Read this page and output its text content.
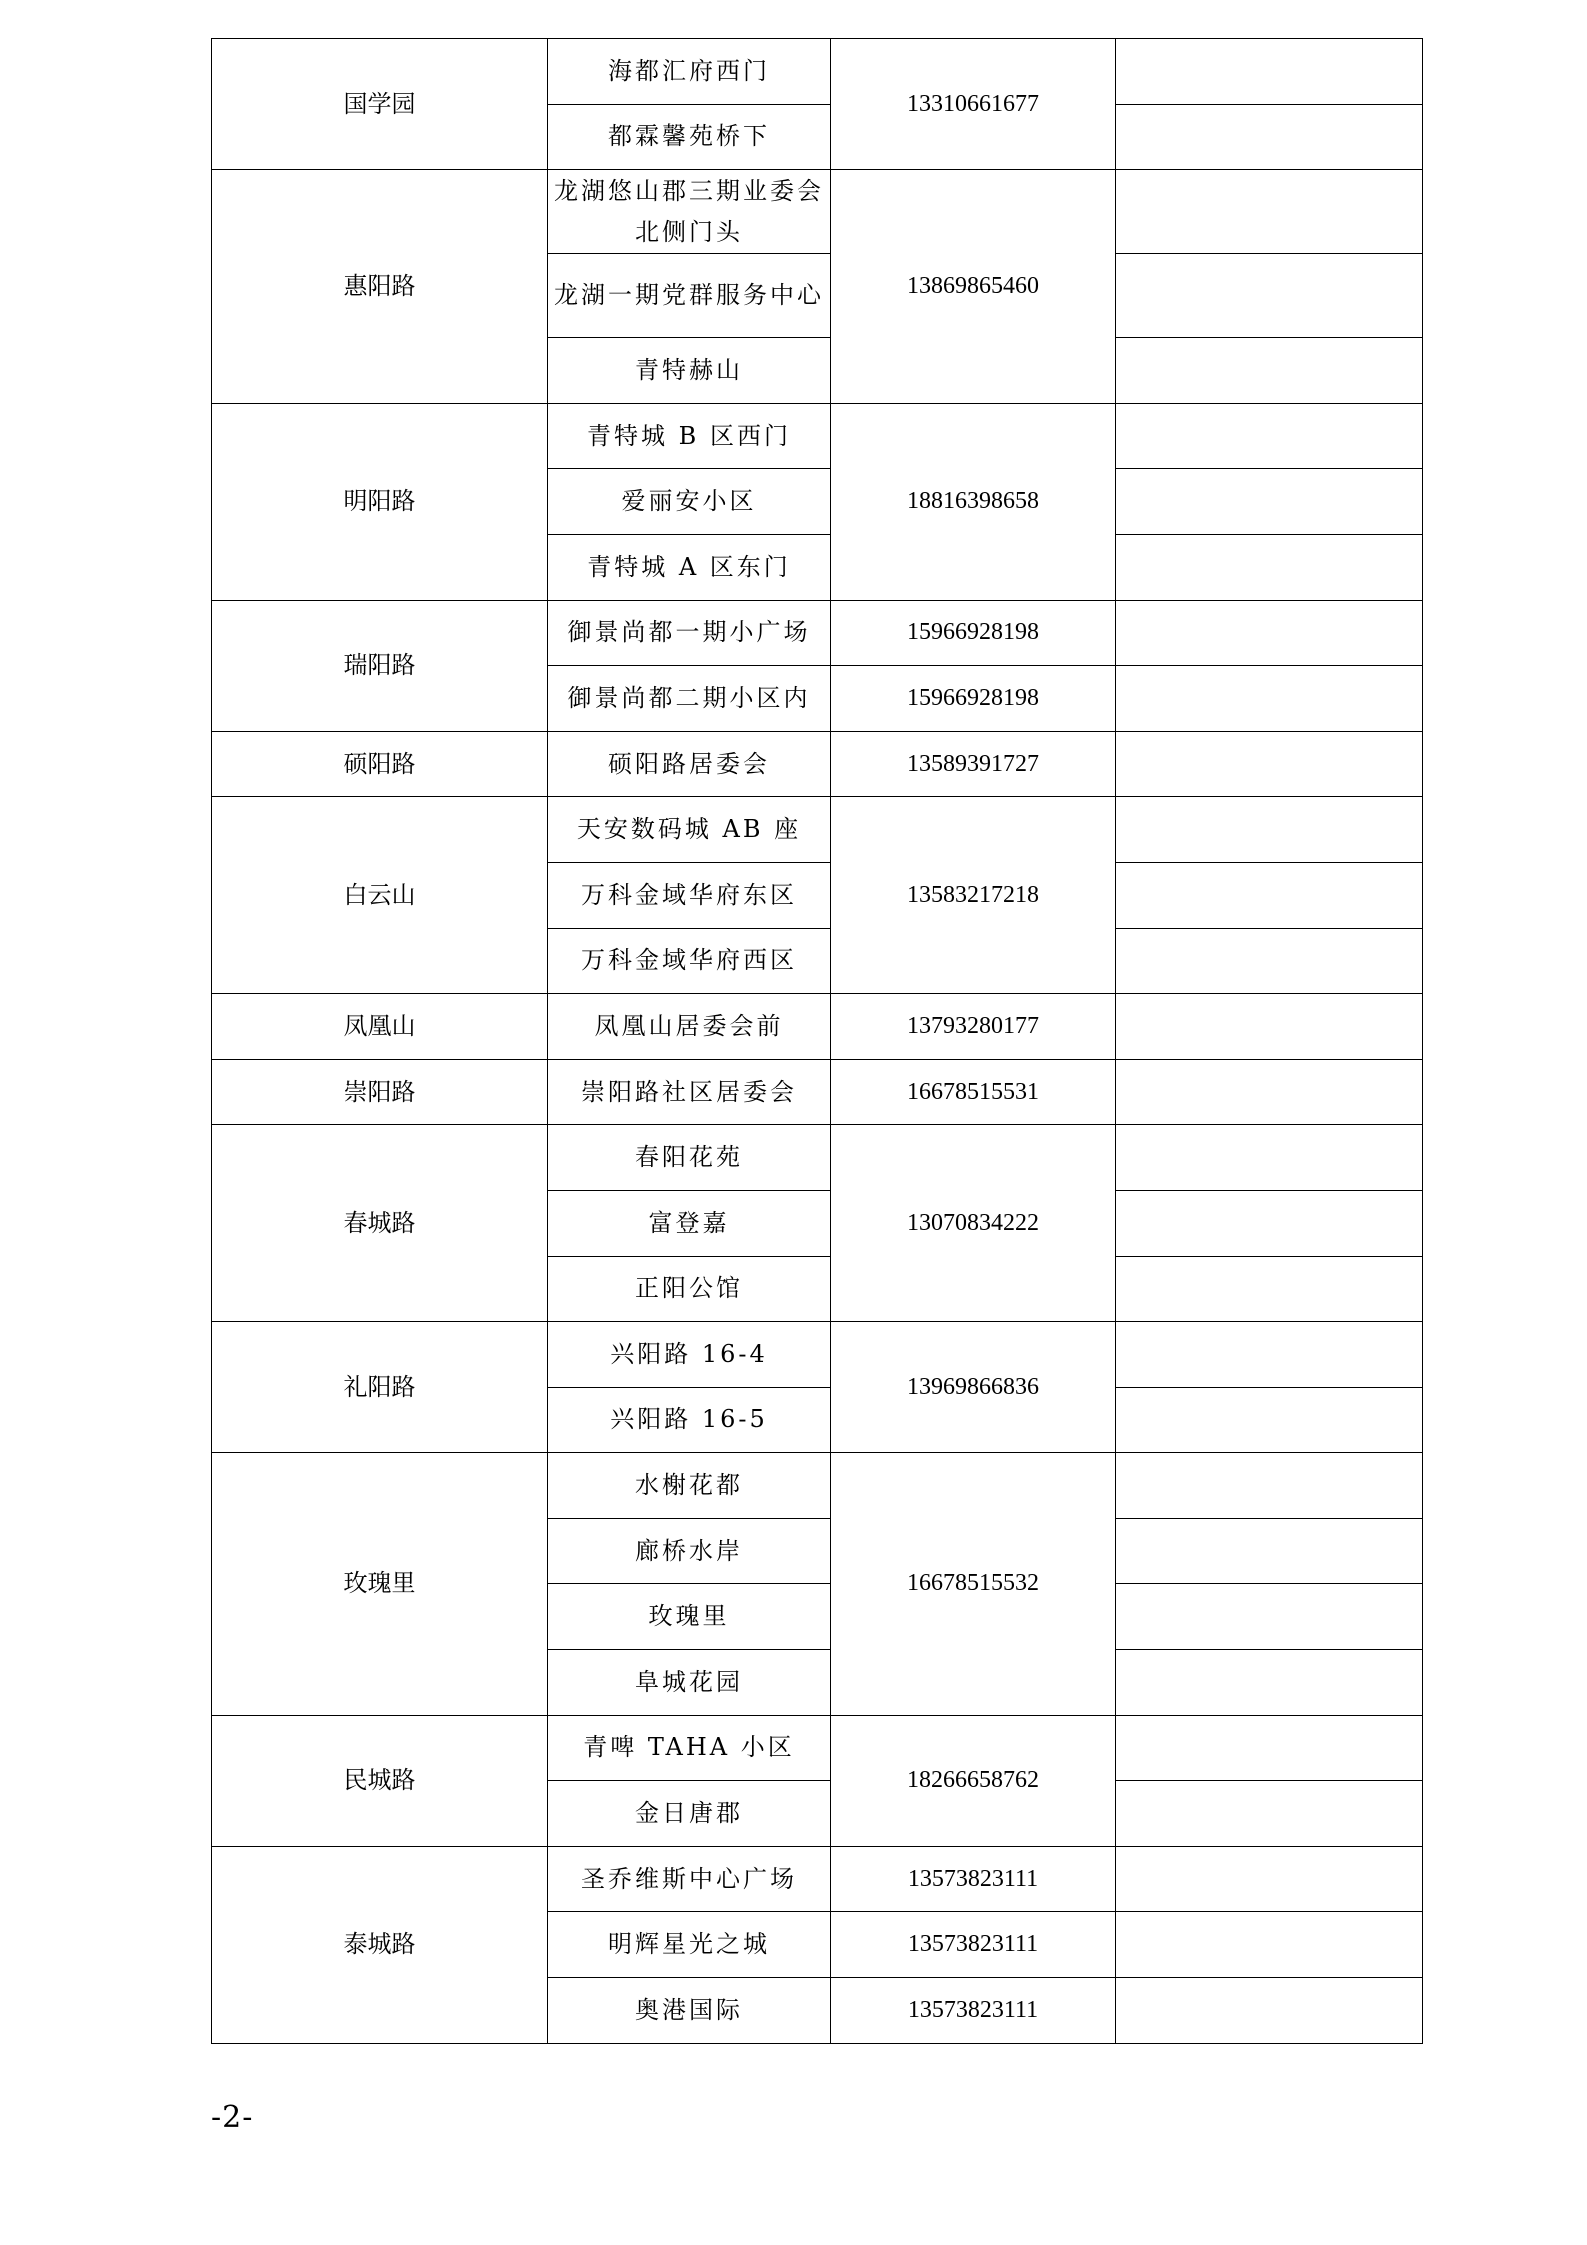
国学园	海都汇府西门	13310661677	
	都霖馨苑桥下		
惠阳路	龙湖悠山郡三期业委会北侧门头	13869865460	
	龙湖一期党群服务中心		
	青特赫山		
明阳路	青特城 B 区西门	18816398658	
	爱丽安小区		
	青特城 A 区东门		
瑞阳路	御景尚都一期小广场	15966928198	
	御景尚都二期小区内	15966928198	
硕阳路	硕阳路居委会	13589391727	
白云山	天安数码城 AB 座	13583217218	
	万科金域华府东区		
	万科金域华府西区		
凤凰山	凤凰山居委会前	13793280177	
崇阳路	崇阳路社区居委会	16678515531	
春城路	春阳花苑	13070834222	
	富登嘉		
	正阳公馆		
礼阳路	兴阳路 16-4	13969866836	
	兴阳路 16-5		
玫瑰里	水榭花都	16678515532	
	廊桥水岸		
	玫瑰里		
	阜城花园		
民城路	青啤 TAHA 小区	18266658762	
	金日唐郡		
泰城路	圣乔维斯中心广场	13573823111	
	明辉星光之城	13573823111	
	奥港国际	13573823111	
-2-
